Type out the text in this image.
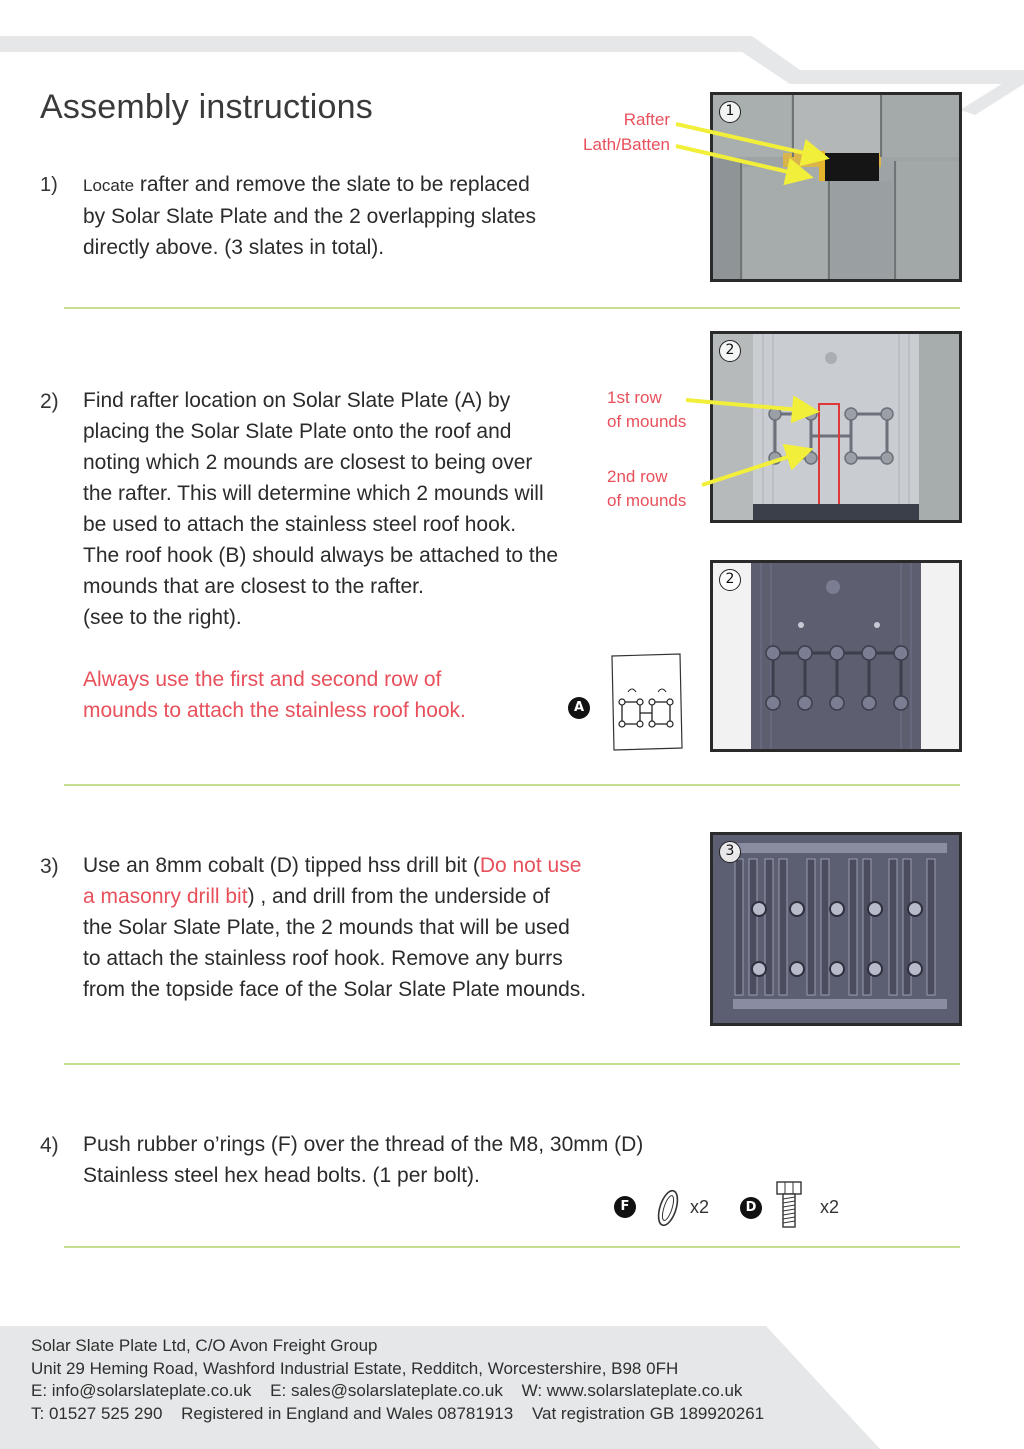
Assembly instructions
1) Locate rafter and remove the slate to be replaced
by Solar Slate Plate and the 2 overlapping slates
directly above. (3 slates in total).
Rafter
Lath/Batten
1
2) Find rafter location on Solar Slate Plate (A) by
placing the Solar Slate Plate onto the roof and
noting which 2 mounds are closest to being over
the rafter. This will determine which 2 mounds will
be used to attach the stainless steel roof hook.
The roof hook (B) should always be attached to the
mounds that are closest to the rafter.
(see to the right).
Always use the first and second row of
mounds to attach the stainless roof hook.
1st row
of mounds
2nd row
of mounds
2
2
A
3) Use an 8mm cobalt (D) tipped hss drill bit (Do not use
a masonry drill bit) , and drill from the underside of
the Solar Slate Plate, the 2 mounds that will be used
to attach the stainless roof hook. Remove any burrs
from the topside face of the Solar Slate Plate mounds.
3
4) Push rubber o’rings (F) over the thread of the M8, 30mm (D)
Stainless steel hex head bolts. (1 per bolt).
F	x2	D	x2
Solar Slate Plate Ltd, C/O Avon Freight Group
Unit 29 Heming Road, Washford Industrial Estate, Redditch, Worcestershire, B98 0FH
E: info@solarslateplate.co.uk E: sales@solarslateplate.co.uk W: www.solarslateplate.co.uk
T: 01527 525 290 Registered in England and Wales 08781913 Vat registration GB 189920261
